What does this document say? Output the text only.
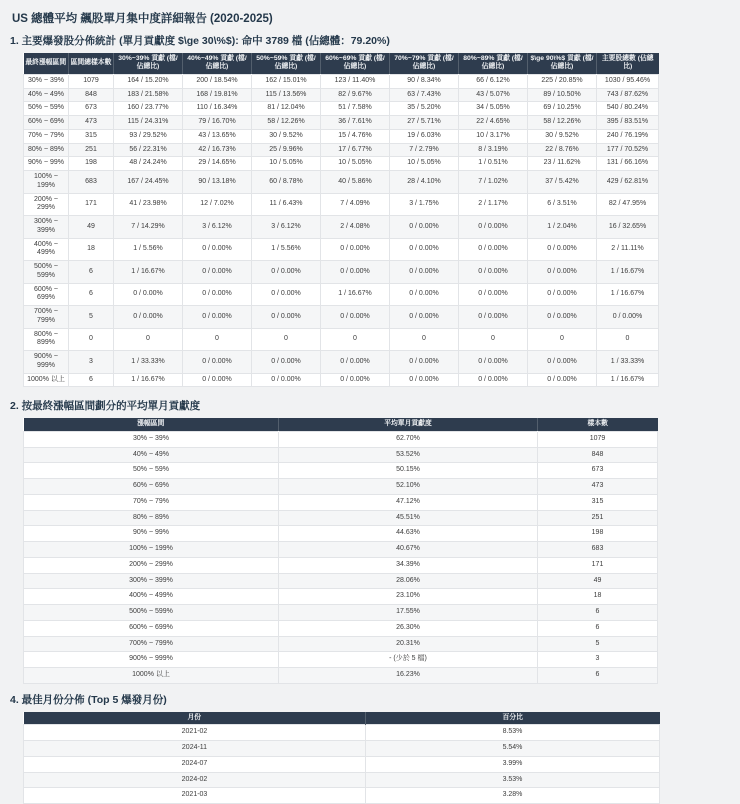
US 總體平均 飆股單月集中度詳細報告 (2020-2025)
1. 主要爆發股分佈統計 (單月貢獻度 $\ge 30\%$): 命中 3789 檔 (佔總體：79.20%)
最終漲幅區間	區間總樣本數	30%~39% 貢獻 (檔/佔總比)	40%~49% 貢獻 (檔/佔總比)	50%~59% 貢獻 (檔/佔總比)	60%~69% 貢獻 (檔/佔總比)	70%~79% 貢獻 (檔/佔總比)	80%~89% 貢獻 (檔/佔總比)	$\ge 90\%$ 貢獻 (檔/佔總比)	主要股總數 (佔總比)
30% ~ 39%	1079	164 / 15.20%	200 / 18.54%	162 / 15.01%	123 / 11.40%	90 / 8.34%	66 / 6.12%	225 / 20.85%	1030 / 95.46%
40% ~ 49%	848	183 / 21.58%	168 / 19.81%	115 / 13.56%	82 / 9.67%	63 / 7.43%	43 / 5.07%	89 / 10.50%	743 / 87.62%
50% ~ 59%	673	160 / 23.77%	110 / 16.34%	81 / 12.04%	51 / 7.58%	35 / 5.20%	34 / 5.05%	69 / 10.25%	540 / 80.24%
60% ~ 69%	473	115 / 24.31%	79 / 16.70%	58 / 12.26%	36 / 7.61%	27 / 5.71%	22 / 4.65%	58 / 12.26%	395 / 83.51%
70% ~ 79%	315	93 / 29.52%	43 / 13.65%	30 / 9.52%	15 / 4.76%	19 / 6.03%	10 / 3.17%	30 / 9.52%	240 / 76.19%
80% ~ 89%	251	56 / 22.31%	42 / 16.73%	25 / 9.96%	17 / 6.77%	7 / 2.79%	8 / 3.19%	22 / 8.76%	177 / 70.52%
90% ~ 99%	198	48 / 24.24%	29 / 14.65%	10 / 5.05%	10 / 5.05%	10 / 5.05%	1 / 0.51%	23 / 11.62%	131 / 66.16%
100% ~ 199%	683	167 / 24.45%	90 / 13.18%	60 / 8.78%	40 / 5.86%	28 / 4.10%	7 / 1.02%	37 / 5.42%	429 / 62.81%
200% ~ 299%	171	41 / 23.98%	12 / 7.02%	11 / 6.43%	7 / 4.09%	3 / 1.75%	2 / 1.17%	6 / 3.51%	82 / 47.95%
300% ~ 399%	49	7 / 14.29%	3 / 6.12%	3 / 6.12%	2 / 4.08%	0 / 0.00%	0 / 0.00%	1 / 2.04%	16 / 32.65%
400% ~ 499%	18	1 / 5.56%	0 / 0.00%	1 / 5.56%	0 / 0.00%	0 / 0.00%	0 / 0.00%	0 / 0.00%	2 / 11.11%
500% ~ 599%	6	1 / 16.67%	0 / 0.00%	0 / 0.00%	0 / 0.00%	0 / 0.00%	0 / 0.00%	0 / 0.00%	1 / 16.67%
600% ~ 699%	6	0 / 0.00%	0 / 0.00%	0 / 0.00%	1 / 16.67%	0 / 0.00%	0 / 0.00%	0 / 0.00%	1 / 16.67%
700% ~ 799%	5	0 / 0.00%	0 / 0.00%	0 / 0.00%	0 / 0.00%	0 / 0.00%	0 / 0.00%	0 / 0.00%	0 / 0.00%
800% ~ 899%	0	0	0	0	0	0	0	0	0
900% ~ 999%	3	1 / 33.33%	0 / 0.00%	0 / 0.00%	0 / 0.00%	0 / 0.00%	0 / 0.00%	0 / 0.00%	1 / 33.33%
1000% 以上	6	1 / 16.67%	0 / 0.00%	0 / 0.00%	0 / 0.00%	0 / 0.00%	0 / 0.00%	0 / 0.00%	1 / 16.67%
2. 按最終漲幅區間劃分的平均單月貢獻度
漲幅區間	平均單月貢獻度	樣本數
30% ~ 39%	62.70%	1079
40% ~ 49%	53.52%	848
50% ~ 59%	50.15%	673
60% ~ 69%	52.10%	473
70% ~ 79%	47.12%	315
80% ~ 89%	45.51%	251
90% ~ 99%	44.63%	198
100% ~ 199%	40.67%	683
200% ~ 299%	34.39%	171
300% ~ 399%	28.06%	49
400% ~ 499%	23.10%	18
500% ~ 599%	17.55%	6
600% ~ 699%	26.30%	6
700% ~ 799%	20.31%	5
900% ~ 999%	- (少於 5 檔)	3
1000% 以上	16.23%	6
4. 最佳月份分佈 (Top 5 爆發月份)
月份	百分比
2021-02	8.53%
2024-11	5.54%
2024-07	3.99%
2024-02	3.53%
2021-03	3.28%
